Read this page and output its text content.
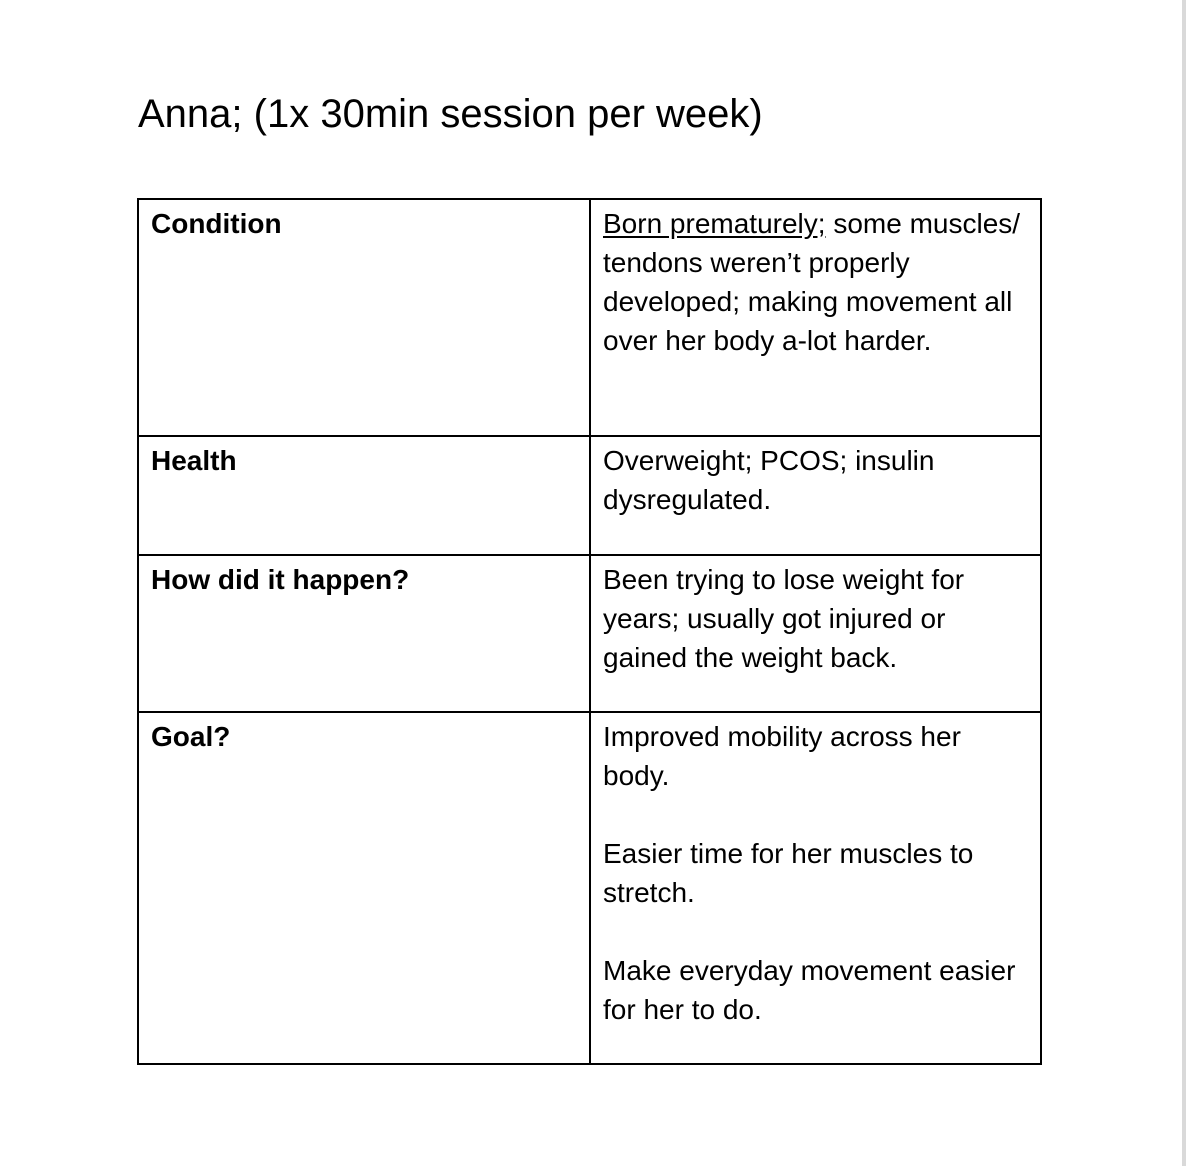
Anna; (1x 30min session per week)
Condition	Born prematurely; some muscles/ tendons weren’t properly developed; making movement all over her body a-lot harder.
Health	Overweight; PCOS; insulin dysregulated.
How did it happen?	Been trying to lose weight for years; usually got injured or gained the weight back.
Goal?	Improved mobility across her body.
Easier time for her muscles to stretch.
Make everyday movement easier for her to do.
